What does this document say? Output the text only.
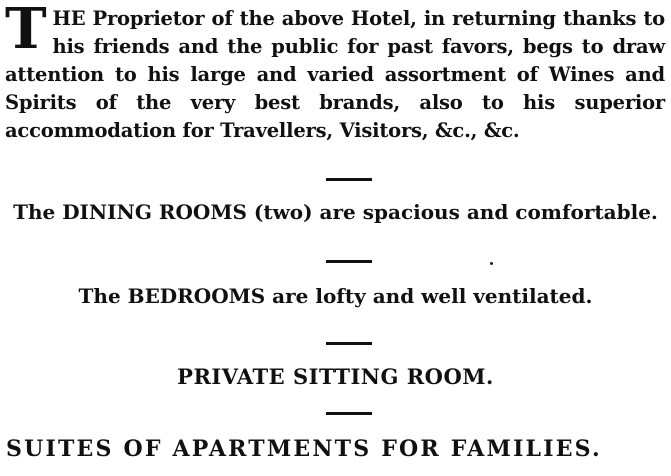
THE Proprietor of the above Hotel, in returning thanks to his friends and the public for past favors, begs to draw attention to his large and varied assortment of Wines and Spirits of the very best brands, also to his superior accommodation for Travellers, Visitors, &c., &c.
The DINING ROOMS (two) are spacious and comfortable.
The BEDROOMS are lofty and well ventilated.
PRIVATE SITTING ROOM.
SUITES OF APARTMENTS FOR FAMILIES.
